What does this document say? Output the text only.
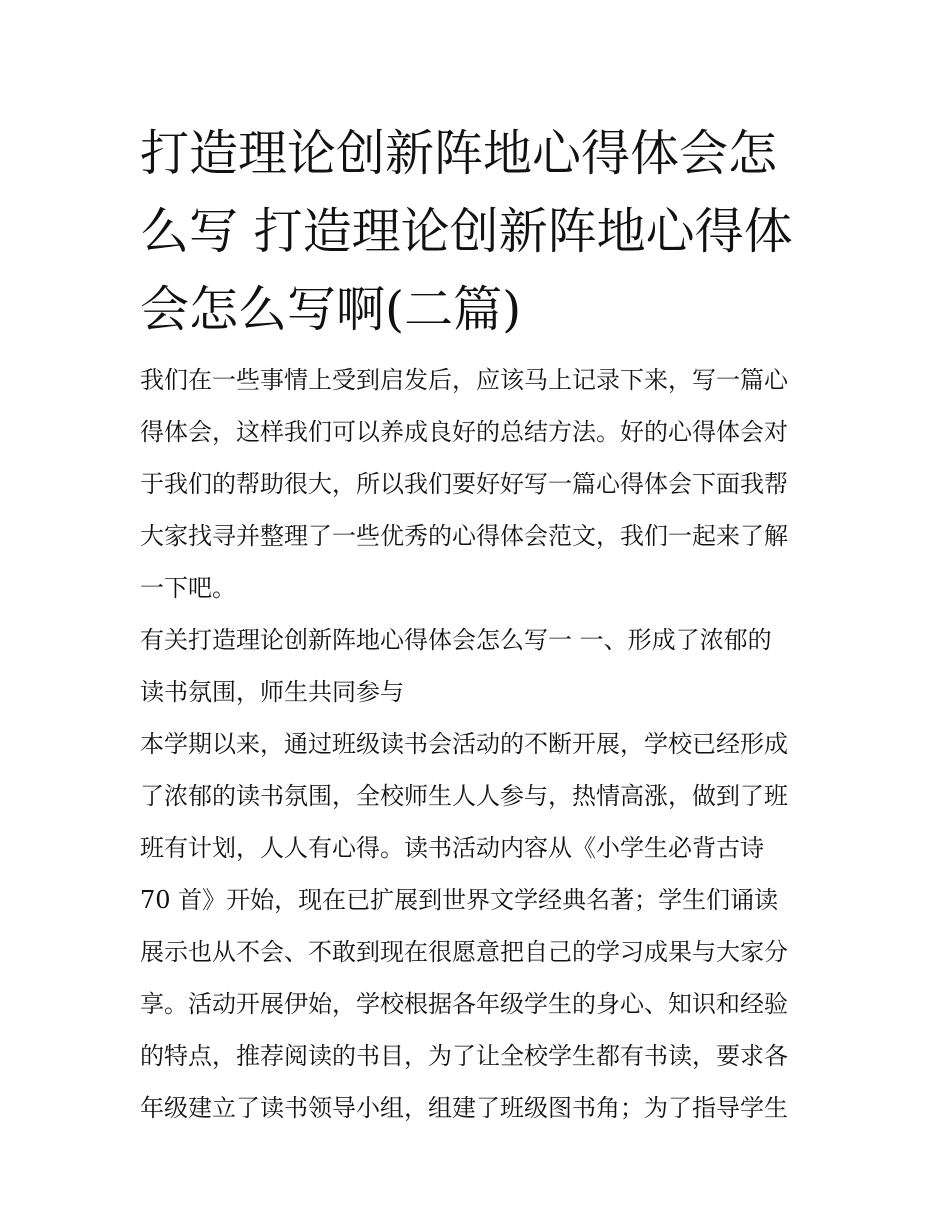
打造理论创新阵地心得体会怎
么写 打造理论创新阵地心得体
会怎么写啊(二篇)
我们在一些事情上受到启发后，应该马上记录下来，写一篇心
得体会，这样我们可以养成良好的总结方法。好的心得体会对
于我们的帮助很大，所以我们要好好写一篇心得体会下面我帮
大家找寻并整理了一些优秀的心得体会范文，我们一起来了解
一下吧。
有关打造理论创新阵地心得体会怎么写一 一、形成了浓郁的
读书氛围，师生共同参与
本学期以来，通过班级读书会活动的不断开展，学校已经形成
了浓郁的读书氛围，全校师生人人参与，热情高涨，做到了班
班有计划，人人有心得。读书活动内容从《小学生必背古诗
70 首》开始，现在已扩展到世界文学经典名著；学生们诵读
展示也从不会、不敢到现在很愿意把自己的学习成果与大家分
享。活动开展伊始，学校根据各年级学生的身心、知识和经验
的特点，推荐阅读的书目，为了让全校学生都有书读，要求各
年级建立了读书领导小组，组建了班级图书角；为了指导学生
